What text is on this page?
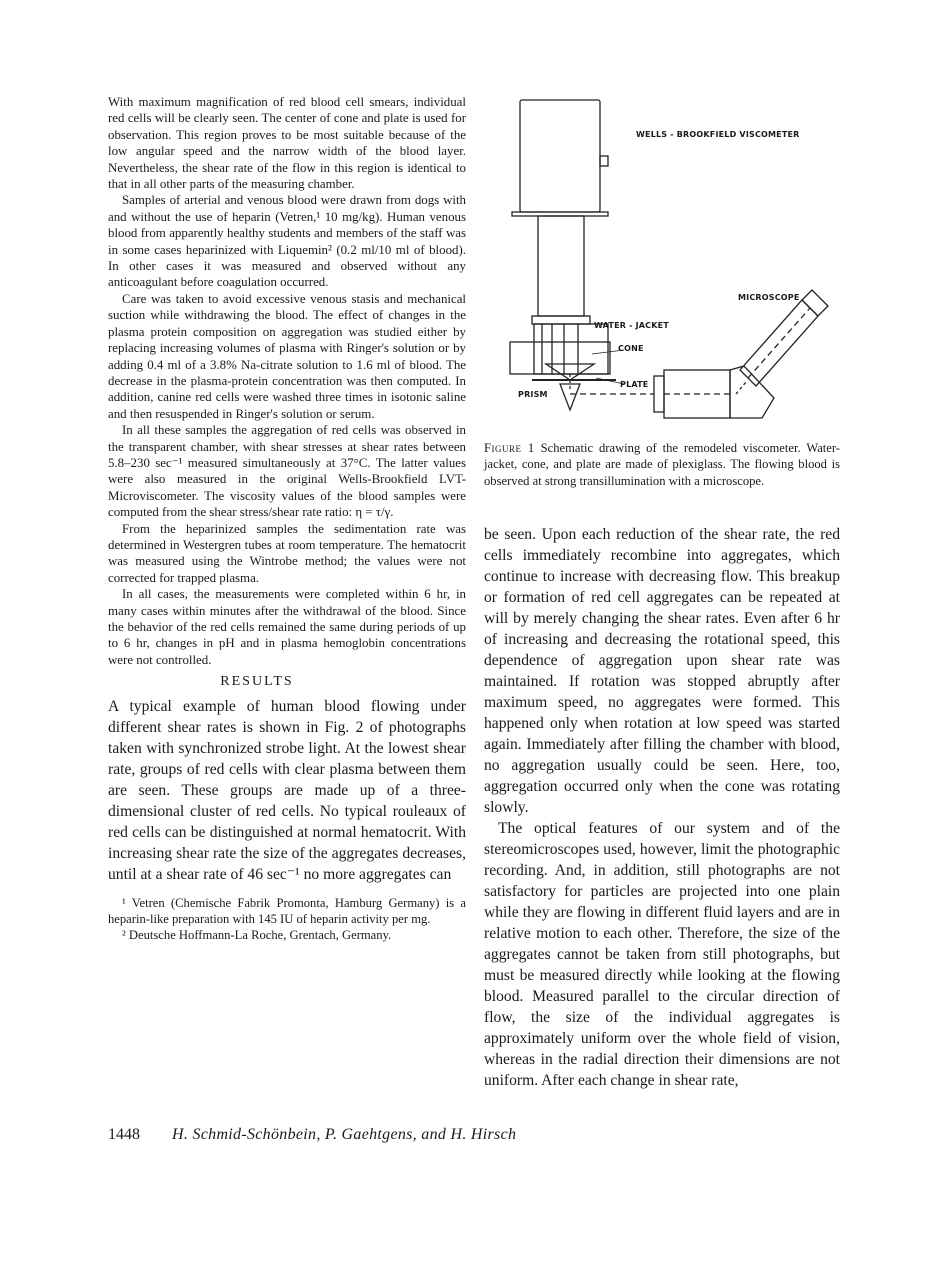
With maximum magnification of red blood cell smears, individual red cells will be clearly seen. The center of cone and plate is used for observation. This region proves to be most suitable because of the low angular speed and the narrow width of the blood layer. Nevertheless, the shear rate of the flow in this region is identical to that in all other parts of the measuring chamber.

Samples of arterial and venous blood were drawn from dogs with and without the use of heparin (Vetren,¹ 10 mg/kg). Human venous blood from apparently healthy students and members of the staff was in some cases heparinized with Liquemin² (0.2 ml/10 ml of blood). In other cases it was measured and observed without any anticoagulant before coagulation occurred.

Care was taken to avoid excessive venous stasis and mechanical suction while withdrawing the blood. The effect of changes in the plasma protein composition on aggregation was studied either by replacing increasing volumes of plasma with Ringer's solution or by adding 0.4 ml of a 3.8% Na-citrate solution to 1.6 ml of blood. The decrease in the plasma-protein concentration was then computed. In addition, canine red cells were washed three times in isotonic saline and then resuspended in Ringer's solution or serum.

In all these samples the aggregation of red cells was observed in the transparent chamber, with shear stresses at shear rates between 5.8–230 sec⁻¹ measured simultaneously at 37°C. The latter values were also measured in the original Wells-Brookfield LVT-Microviscometer. The viscosity values of the blood samples were computed from the shear stress/shear rate ratio: η = τ/γ.

From the heparinized samples the sedimentation rate was determined in Westergren tubes at room temperature. The hematocrit was measured using the Wintrobe method; the values were not corrected for trapped plasma.

In all cases, the measurements were completed within 6 hr, in many cases within minutes after the withdrawal of the blood. Since the behavior of the red cells remained the same during periods of up to 6 hr, changes in pH and in plasma hemoglobin concentrations were not controlled.

RESULTS

A typical example of human blood flowing under different shear rates is shown in Fig. 2 of photographs taken with synchronized strobe light. At the lowest shear rate, groups of red cells with clear plasma between them are seen. These groups are made up of a three-dimensional cluster of red cells. No typical rouleaux of red cells can be distinguished at normal hematocrit. With increasing shear rate the size of the aggregates decreases, until at a shear rate of 46 sec⁻¹ no more aggregates can

¹ Vetren (Chemische Fabrik Promonta, Hamburg Germany) is a heparin-like preparation with 145 IU of heparin activity per mg.

² Deutsche Hoffmann-La Roche, Grentach, Germany.

WELLS - BROOKFIELD VISCOMETER
MICROSCOPE
WATER - JACKET
CONE
PLATE
PRISM
Figure 1 Schematic drawing of the remodeled viscometer. Water-jacket, cone, and plate are made of plexiglass. The flowing blood is observed at strong transillumination with a microscope.

be seen. Upon each reduction of the shear rate, the red cells immediately recombine into aggregates, which continue to increase with decreasing flow. This breakup or formation of red cell aggregates can be repeated at will by merely changing the shear rates. Even after 6 hr of increasing and decreasing the rotational speed, this dependence of aggregation upon shear rate was maintained. If rotation was stopped abruptly after maximum speed, no aggregates were formed. This happened only when rotation at low speed was started again. Immediately after filling the chamber with blood, no aggregation usually could be seen. Here, too, aggregation occurred only when the cone was rotating slowly.

The optical features of our system and of the stereomicroscopes used, however, limit the photographic recording. And, in addition, still photographs are not satisfactory for particles are projected into one plain while they are flowing in different fluid layers and are in relative motion to each other. Therefore, the size of the aggregates cannot be taken from still photographs, but must be measured directly while looking at the flowing blood. Measured parallel to the circular direction of flow, the size of the individual aggregates is approximately uniform over the whole field of vision, whereas in the radial direction their dimensions are not uniform. After each change in shear rate,

1448 H. Schmid-Schönbein, P. Gaehtgens, and H. Hirsch
